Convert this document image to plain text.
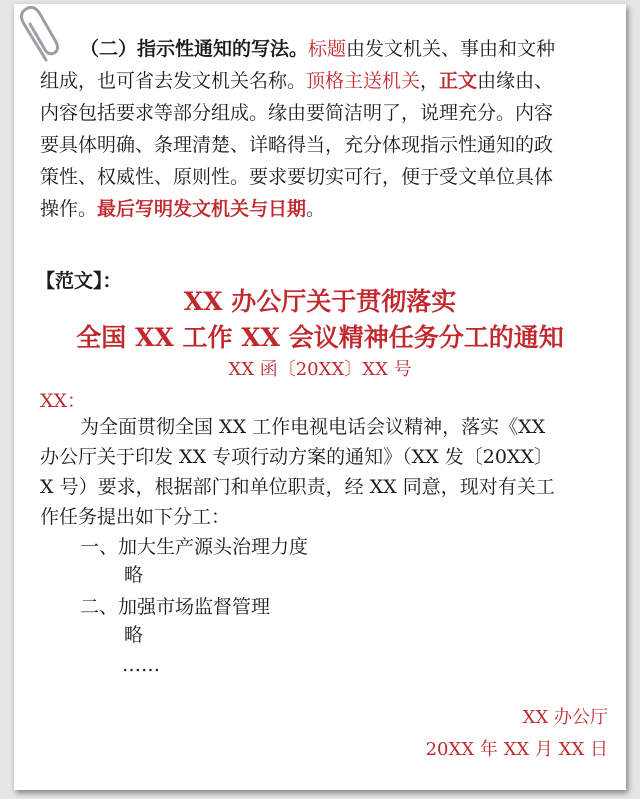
（二）指示性通知的写法。标题由发文机关、事由和文种
组成，也可省去发文机关名称。顶格主送机关，正文由缘由、
内容包括要求等部分组成。缘由要简洁明了，说理充分。内容
要具体明确、条理清楚、详略得当，充分体现指示性通知的政
策性、权威性、原则性。要求要切实可行，便于受文单位具体
操作。最后写明发文机关与日期。
【范文】：
XX 办公厅关于贯彻落实
全国 XX 工作 XX 会议精神任务分工的通知
XX 函〔20XX〕XX 号
XX：
为全面贯彻全国 XX 工作电视电话会议精神，落实《XX
办公厅关于印发 XX 专项行动方案的通知》（XX 发〔20XX〕
X 号）要求，根据部门和单位职责，经 XX 同意，现对有关工
作任务提出如下分工：
一、加大生产源头治理力度
略
二、加强市场监督管理
略
……
XX 办公厅
20XX 年 XX 月 XX 日
